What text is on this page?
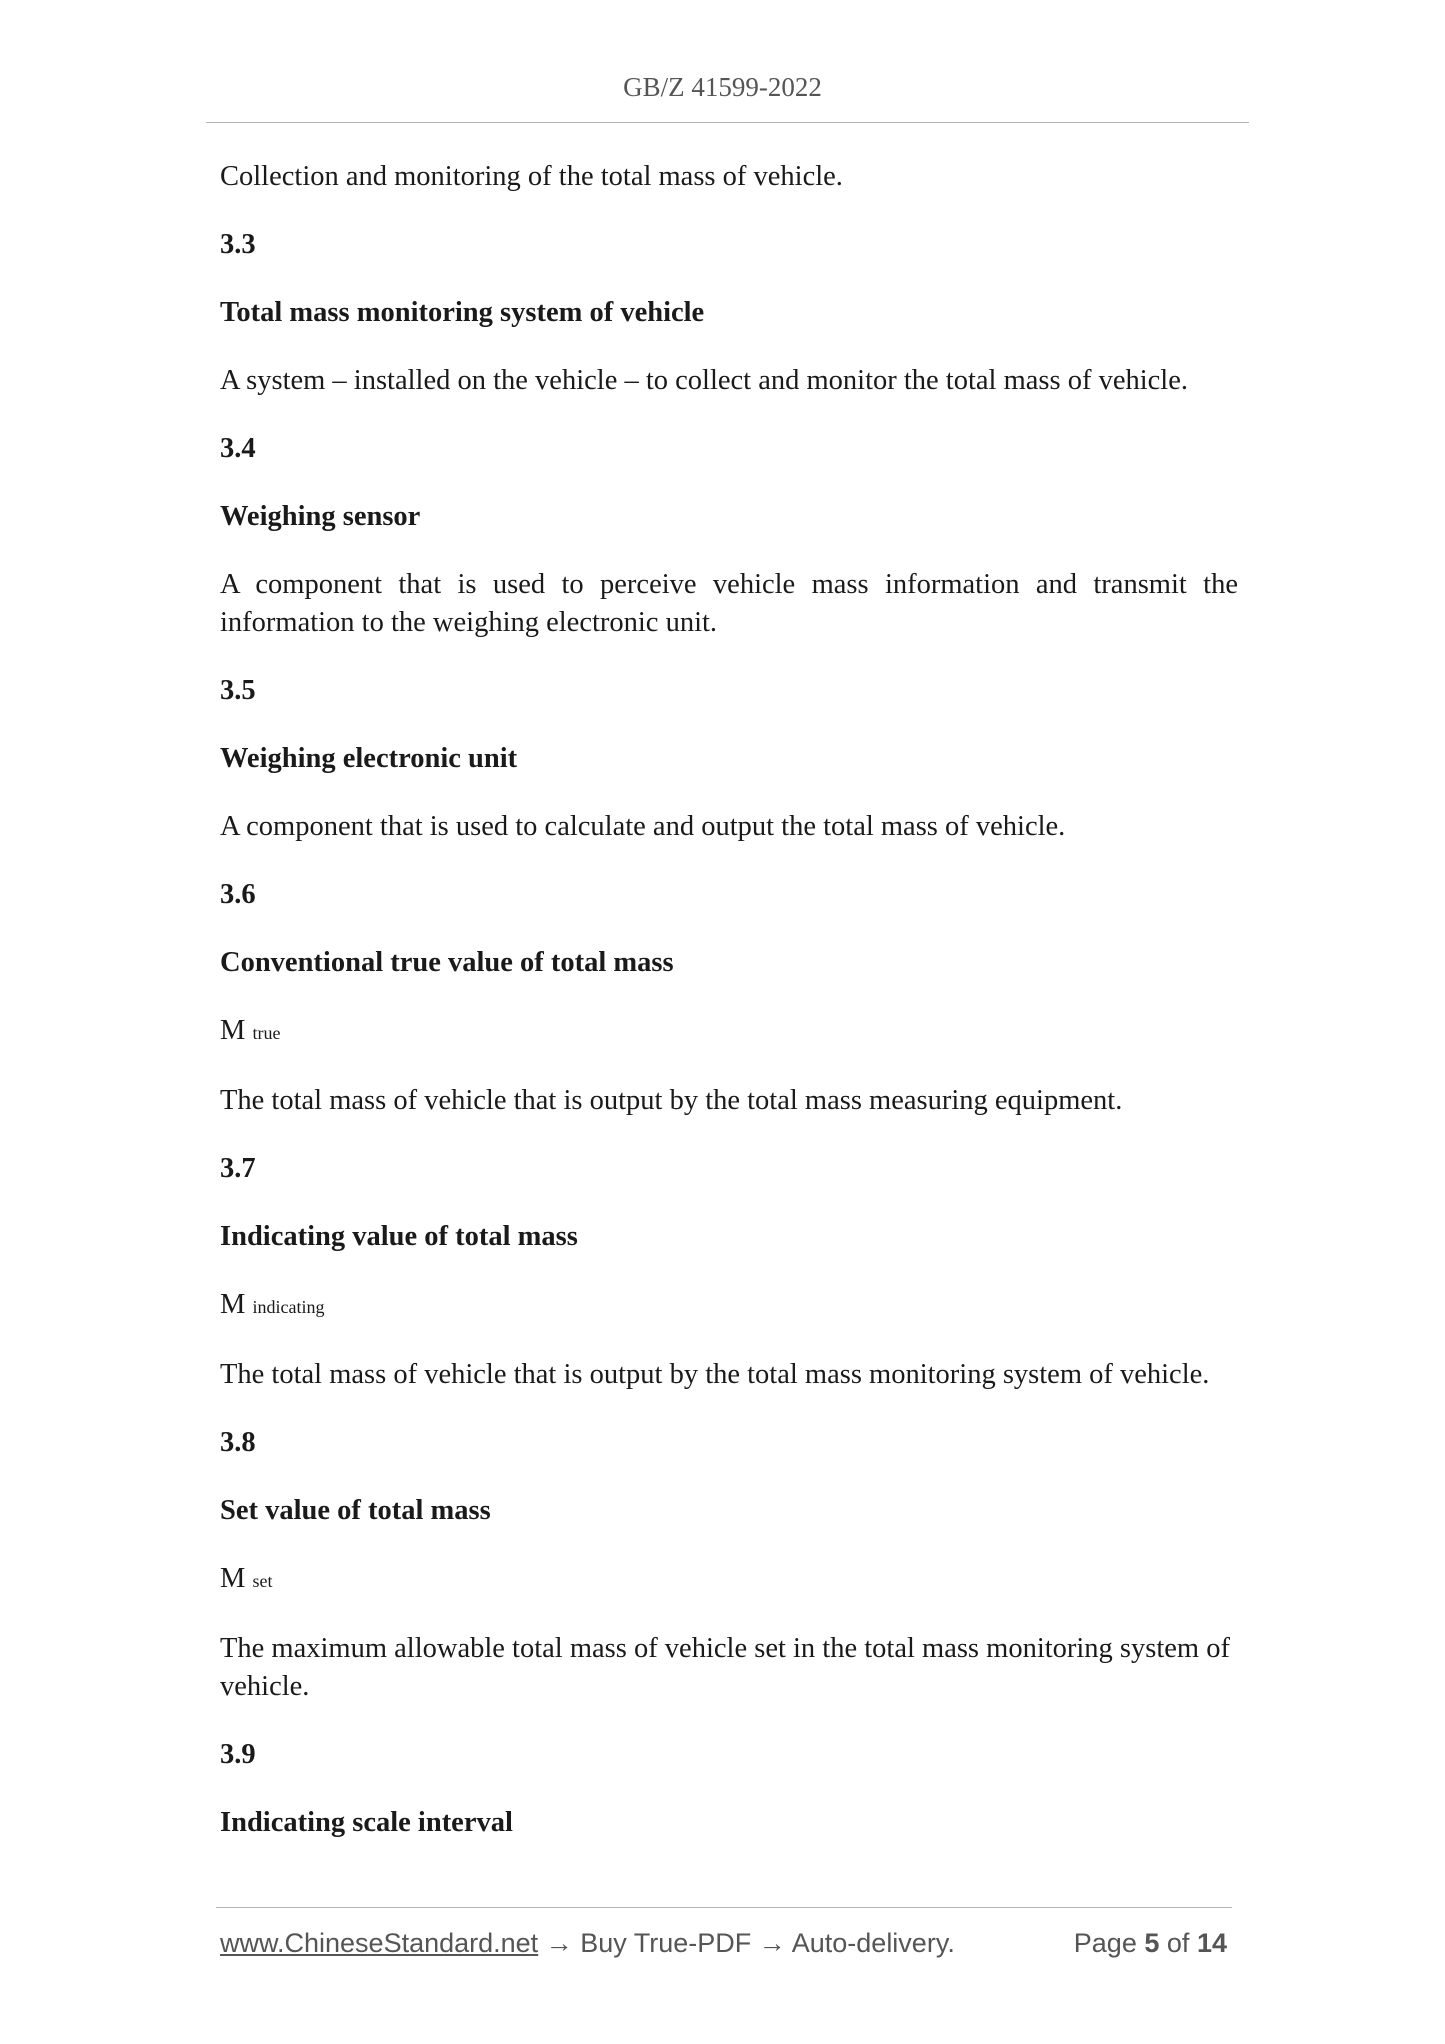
GB/Z 41599-2022
Collection and monitoring of the total mass of vehicle.
3.3
Total mass monitoring system of vehicle
A system – installed on the vehicle – to collect and monitor the total mass of vehicle.
3.4
Weighing sensor
A component that is used to perceive vehicle mass information and transmit the information to the weighing electronic unit.
3.5
Weighing electronic unit
A component that is used to calculate and output the total mass of vehicle.
3.6
Conventional true value of total mass
M true
The total mass of vehicle that is output by the total mass measuring equipment.
3.7
Indicating value of total mass
M indicating
The total mass of vehicle that is output by the total mass monitoring system of vehicle.
3.8
Set value of total mass
M set
The maximum allowable total mass of vehicle set in the total mass monitoring system of vehicle.
3.9
Indicating scale interval
www.ChineseStandard.net → Buy True-PDF → Auto-delivery.	Page 5 of 14
